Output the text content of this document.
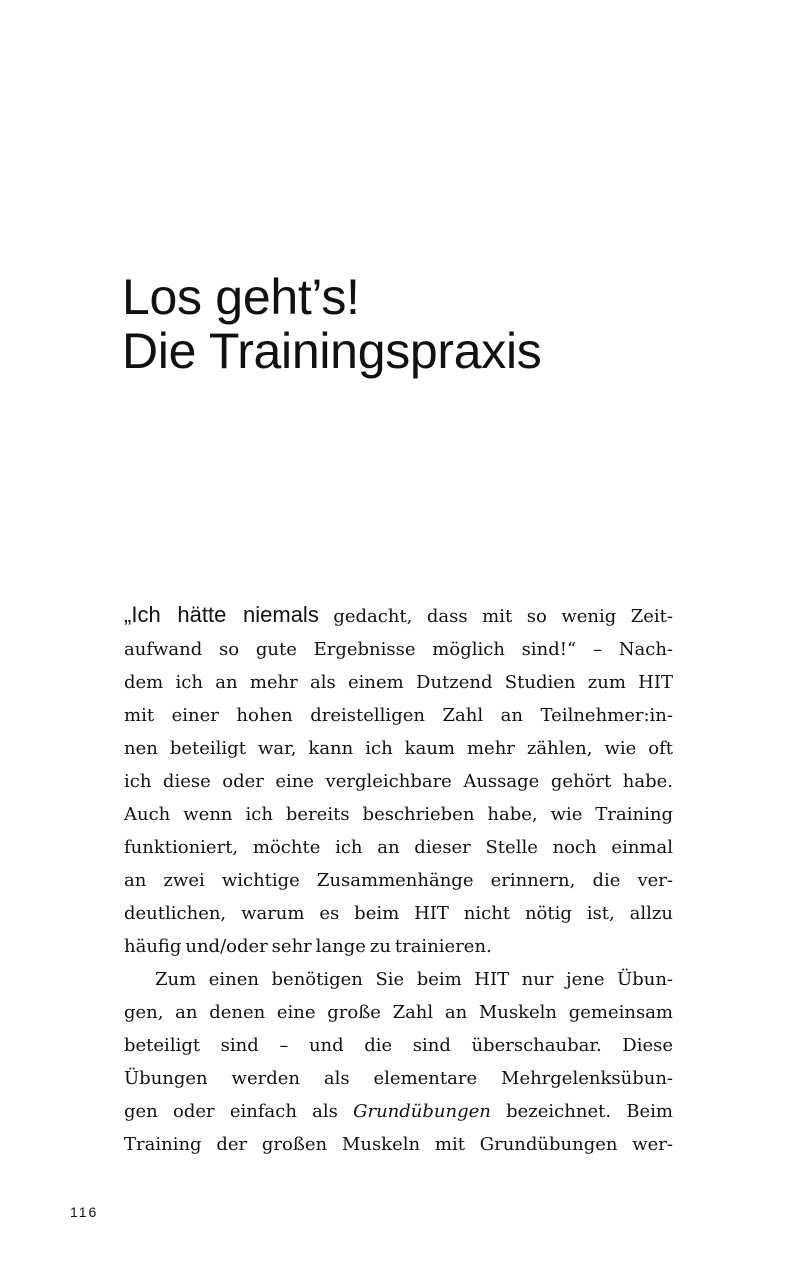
Los geht’s!
Die Trainingspraxis
„Ich hätte niemals gedacht, dass mit so wenig Zeit-
aufwand so gute Ergebnisse möglich sind!“ – Nach-
dem ich an mehr als einem Dutzend Studien zum HIT
mit einer hohen dreistelligen Zahl an Teilnehmer:in-
nen beteiligt war, kann ich kaum mehr zählen, wie oft
ich diese oder eine vergleichbare Aussage gehört habe.
Auch wenn ich bereits beschrieben habe, wie Training
funktioniert, möchte ich an dieser Stelle noch einmal
an zwei wichtige Zusammenhänge erinnern, die ver-
deutlichen, warum es beim HIT nicht nötig ist, allzu
häufig und/oder sehr lange zu trainieren.
Zum einen benötigen Sie beim HIT nur jene Übun-
gen, an denen eine große Zahl an Muskeln gemeinsam
beteiligt sind – und die sind überschaubar. Diese
Übungen werden als elementare Mehrgelenksübun-
gen oder einfach als Grundübungen bezeichnet. Beim
Training der großen Muskeln mit Grundübungen wer-
116
